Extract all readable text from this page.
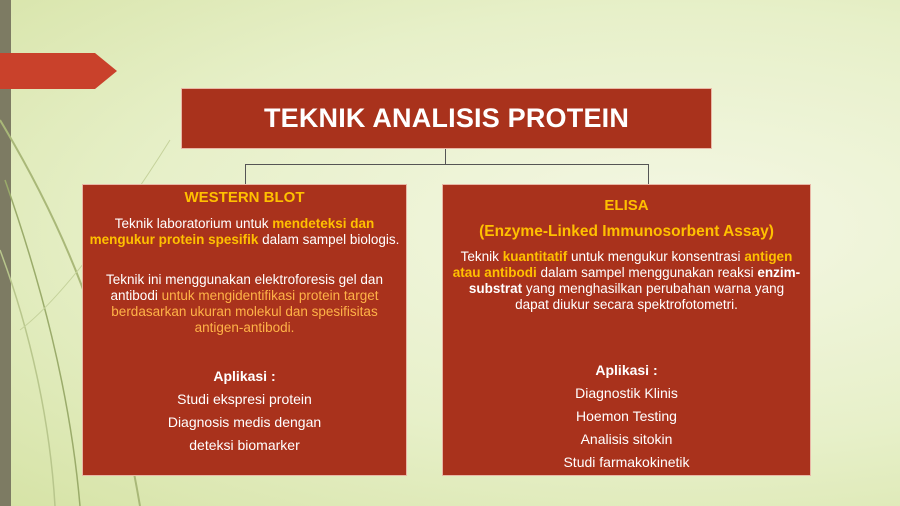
TEKNIK ANALISIS PROTEIN
WESTERN BLOT
Teknik laboratorium untuk mendeteksi dan mengukur protein spesifik dalam sampel biologis.
Teknik ini menggunakan elektroforesis gel dan antibodi untuk mengidentifikasi protein target berdasarkan ukuran molekul dan spesifisitas antigen-antibodi.
Aplikasi :
Studi ekspresi protein
Diagnosis medis dengan
deteksi biomarker
ELISA
(Enzyme-Linked Immunosorbent Assay)
Teknik kuantitatif untuk mengukur konsentrasi antigen atau antibodi dalam sampel menggunakan reaksi enzim-substrat yang menghasilkan perubahan warna yang dapat diukur secara spektrofotometri.
Aplikasi :
Diagnostik Klinis
Hoemon Testing
Analisis sitokin
Studi farmakokinetik
